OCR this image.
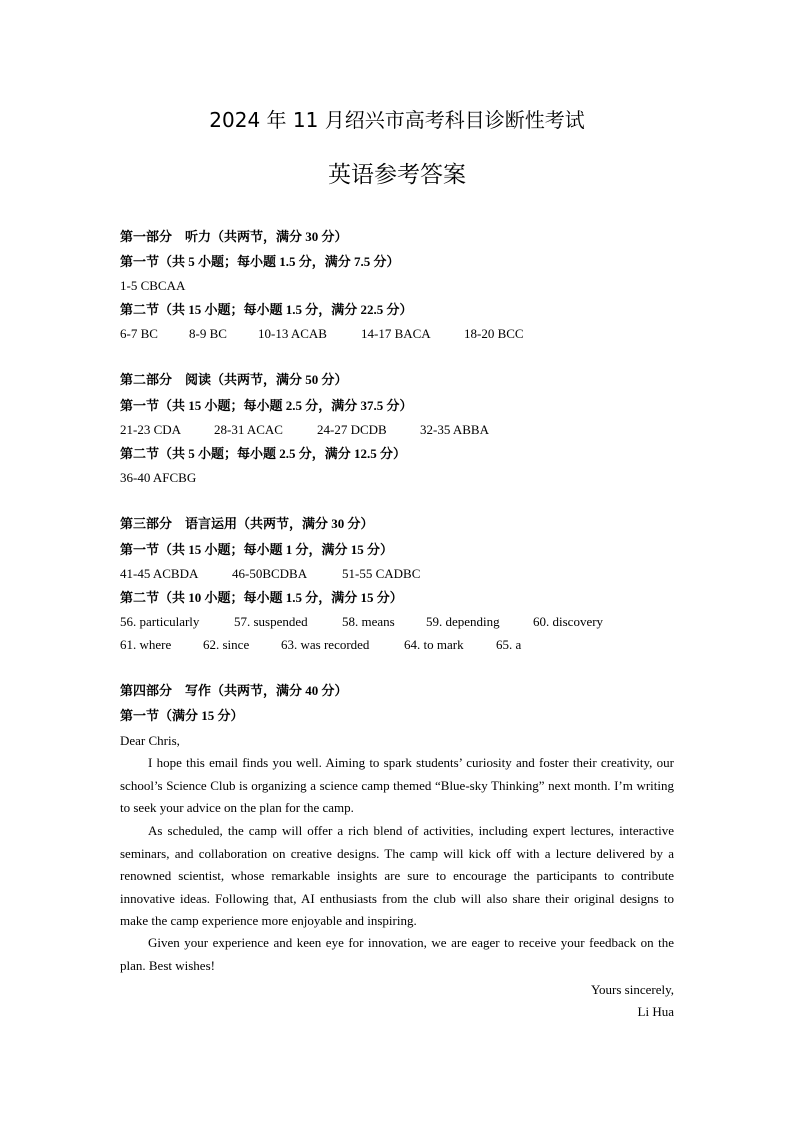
2024 年 11 月绍兴市高考科目诊断性考试
英语参考答案
第一部分　听力（共两节，满分 30 分）
第一节（共 5 小题；每小题 1.5 分，满分 7.5 分）
1-5 CBCAA
第二节（共 15 小题；每小题 1.5 分，满分 22.5 分）
6-7 BC 8-9 BC 10-13 ACAB	14-17 BACA	18-20 BCC
第二部分　阅读（共两节，满分 50 分）
第一节（共 15 小题；每小题 2.5 分，满分 37.5 分）
21-23 CDA	28-31 ACAC	24-27 DCDB	32-35 ABBA
第二节（共 5 小题；每小题 2.5 分，满分 12.5 分）
36-40 AFCBG
第三部分　语言运用（共两节，满分 30 分）
第一节（共 15 小题；每小题 1 分，满分 15 分）
41-45 ACBDA	46-50BCDBA	51-55 CADBC
第二节（共 10 小题；每小题 1.5 分，满分 15 分）
56. particularly	57. suspended	58. means 59. depending	60. discovery
61. where 62. since 63. was recorded	64. to mark 65. a
第四部分　写作（共两节，满分 40 分）
第一节（满分 15 分）
Dear Chris,
I hope this email finds you well. Aiming to spark students’ curiosity and foster their creativity, our school’s Science Club is organizing a science camp themed “Blue-sky Thinking” next month. I’m writing to seek your advice on the plan for the camp.
As scheduled, the camp will offer a rich blend of activities, including expert lectures, interactive seminars, and collaboration on creative designs. The camp will kick off with a lecture delivered by a renowned scientist, whose remarkable insights are sure to encourage the participants to contribute innovative ideas. Following that, AI enthusiasts from the club will also share their original designs to make the camp experience more enjoyable and inspiring.
Given your experience and keen eye for innovation, we are eager to receive your feedback on the plan. Best wishes!
Yours sincerely,
Li Hua
